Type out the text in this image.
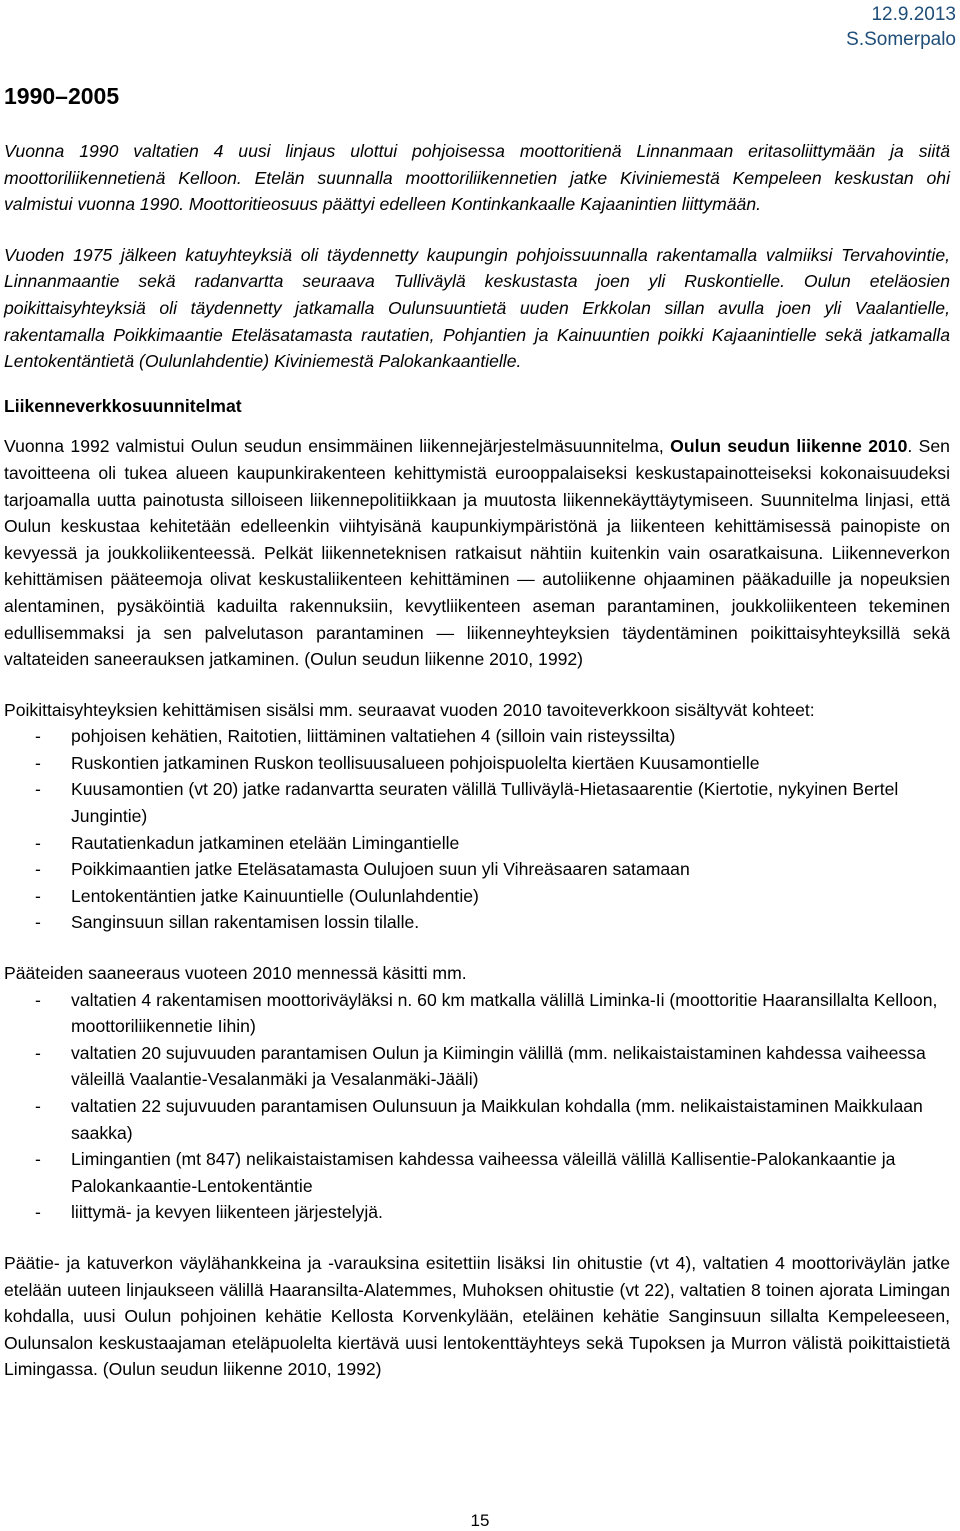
12.9.2013
S.Somerpalo
1990–2005

Vuonna 1990 valtatien 4 uusi linjaus ulottui pohjoisessa moottoritienä Linnanmaan eritasoliittymään ja siitä moottoriliikennetienä Kelloon. Etelän suunnalla moottoriliikennetien jatke Kiviniemestä Kempeleen keskustan ohi valmistui vuonna 1990. Moottoritieosuus päättyi edelleen Kontinkankaalle Kajaanintien liittymään.

Vuoden 1975 jälkeen katuyhteyksiä oli täydennetty kaupungin pohjoissuunnalla rakentamalla valmiiksi Tervahovintie, Linnanmaantie sekä radanvartta seuraava Tulliväylä keskustasta joen yli Ruskontielle. Oulun eteläosien poikittaisyhteyksiä oli täydennetty jatkamalla Oulunsuuntietä uuden Erkkolan sillan avulla joen yli Vaalantielle, rakentamalla Poikkimaantie Eteläsatamasta rautatien, Pohjantien ja Kainuuntien poikki Kajaanintielle sekä jatkamalla Lentokentäntietä (Oulunlahdentie) Kiviniemestä Palokankaantielle.

Liikenneverkkosuunnitelmat

Vuonna 1992 valmistui Oulun seudun ensimmäinen liikennejärjestelmäsuunnitelma, Oulun seudun liikenne 2010. Sen tavoitteena oli tukea alueen kaupunkirakenteen kehittymistä eurooppalaiseksi keskustapainotteiseksi kokonaisuudeksi tarjoamalla uutta painotusta silloiseen liikennepolitiikkaan ja muutosta liikennekäyttäytymiseen. Suunnitelma linjasi, että Oulun keskustaa kehitetään edelleenkin viihtyisänä kaupunkiympäristönä ja liikenteen kehittämisessä painopiste on kevyessä ja joukkoliikenteessä. Pelkät liikenneteknisen ratkaisut nähtiin kuitenkin vain osaratkaisuna. Liikenneverkon kehittämisen pääteemoja olivat keskustaliikenteen kehittäminen — autoliikenne ohjaaminen pääkaduille ja nopeuksien alentaminen, pysäköintiä kaduilta rakennuksiin, kevytliikenteen aseman parantaminen, joukkoliikenteen tekeminen edullisemmaksi ja sen palvelutason parantaminen — liikenneyhteyksien täydentäminen poikittaisyhteyksillä sekä valtateiden saneerauksen jatkaminen. (Oulun seudun liikenne 2010, 1992)

Poikittaisyhteyksien kehittämisen sisälsi mm. seuraavat vuoden 2010 tavoiteverkkoon sisältyvät kohteet:

- pohjoisen kehätien, Raitotien, liittäminen valtatiehen 4 (silloin vain risteyssilta)
- Ruskontien jatkaminen Ruskon teollisuusalueen pohjoispuolelta kiertäen Kuusamontielle
- Kuusamontien (vt 20) jatke radanvartta seuraten välillä Tulliväylä-Hietasaarentie (Kiertotie, nykyinen Bertel Jungintie)
- Rautatienkadun jatkaminen etelään Limingantielle
- Poikkimaantien jatke Eteläsatamasta Oulujoen suun yli Vihreäsaaren satamaan
- Lentokentäntien jatke Kainuuntielle (Oulunlahdentie)
- Sanginsuun sillan rakentamisen lossin tilalle.

Pääteiden saaneeraus vuoteen 2010 mennessä käsitti mm.

- valtatien 4 rakentamisen moottoriväyläksi n. 60 km matkalla välillä Liminka-Ii (moottoritie Haaransillalta Kelloon, moottoriliikennetie Iihin)
- valtatien 20 sujuvuuden parantamisen Oulun ja Kiimingin välillä (mm. nelikaistaistaminen kahdessa vaiheessa väleillä Vaalantie-Vesalanmäki ja Vesalanmäki-Jääli)
- valtatien 22 sujuvuuden parantamisen Oulunsuun ja Maikkulan kohdalla (mm. nelikaistaistaminen Maikkulaan saakka)
- Limingantien (mt 847) nelikaistaistamisen kahdessa vaiheessa väleillä välillä Kallisentie-Palokankaantie ja Palokankaantie-Lentokentäntie
- liittymä- ja kevyen liikenteen järjestelyjä.

Päätie- ja katuverkon väylähankkeina ja -varauksina esitettiin lisäksi Iin ohitustie (vt 4), valtatien 4 moottoriväylän jatke etelään uuteen linjaukseen välillä Haaransilta-Alatemmes, Muhoksen ohitustie (vt 22), valtatien 8 toinen ajorata Limingan kohdalla, uusi Oulun pohjoinen kehätie Kellosta Korvenkylään, eteläinen kehätie Sanginsuun sillalta Kempeleeseen, Oulunsalon keskustaajaman eteläpuolelta kiertävä uusi lentokenttäyhteys sekä Tupoksen ja Murron välistä poikittaistietä Limingassa. (Oulun seudun liikenne 2010, 1992)

15
